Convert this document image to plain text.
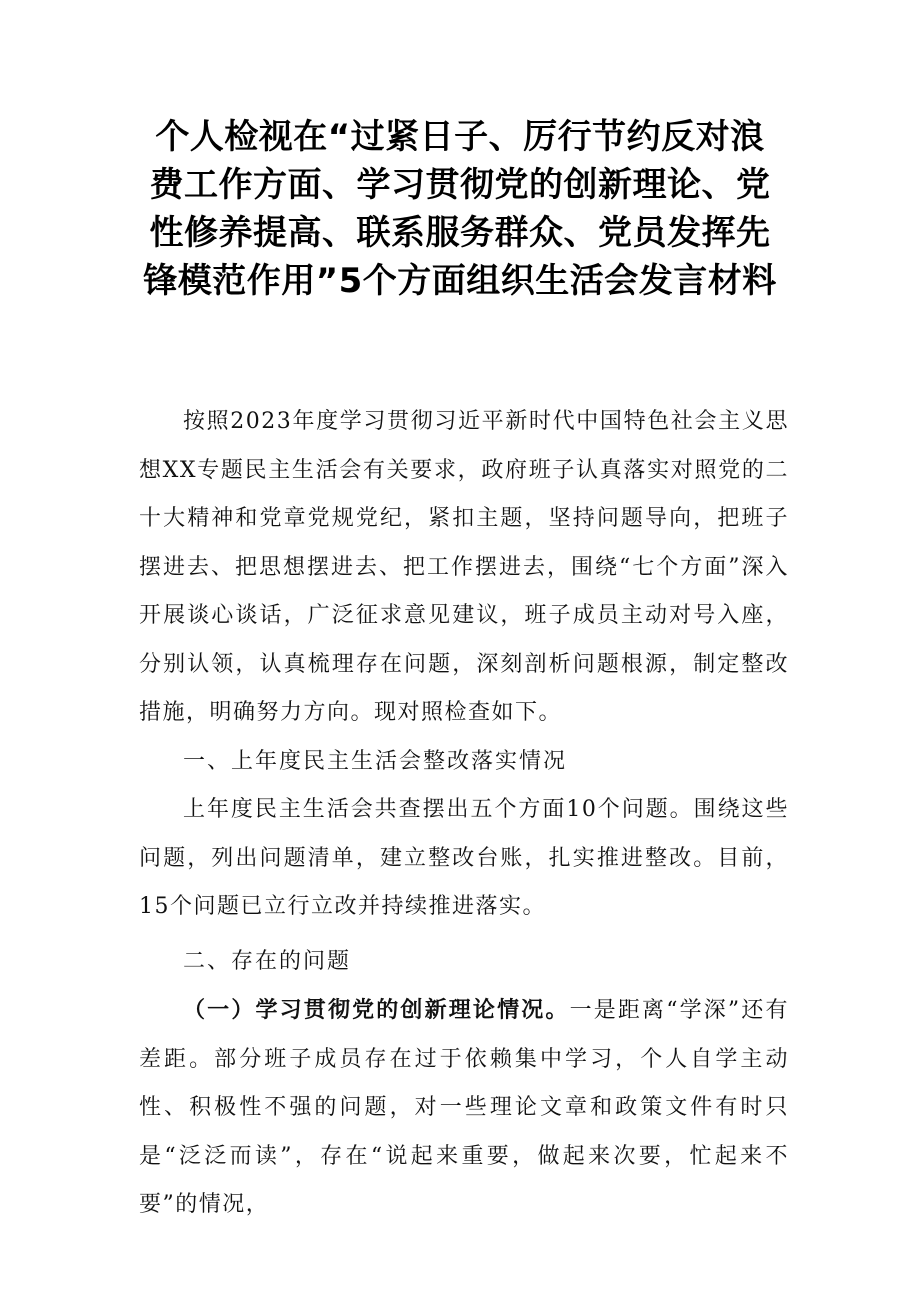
个人检视在“过紧日子、厉行节约反对浪费工作方面、学习贯彻党的创新理论、党性修养提高、联系服务群众、党员发挥先锋模范作用”5个方面组织生活会发言材料

按照2023年度学习贯彻习近平新时代中国特色社会主义思想XX专题民主生活会有关要求，政府班子认真落实对照党的二十大精神和党章党规党纪，紧扣主题，坚持问题导向，把班子摆进去、把思想摆进去、把工作摆进去，围绕“七个方面”深入开展谈心谈话，广泛征求意见建议，班子成员主动对号入座，分别认领，认真梳理存在问题，深刻剖析问题根源，制定整改措施，明确努力方向。现对照检查如下。

一、上年度民主生活会整改落实情况

上年度民主生活会共查摆出五个方面10个问题。围绕这些问题，列出问题清单，建立整改台账，扎实推进整改。目前，15个问题已立行立改并持续推进落实。

二、存在的问题

（一）学习贯彻党的创新理论情况。一是距离“学深”还有差距。部分班子成员存在过于依赖集中学习，个人自学主动性、积极性不强的问题，对一些理论文章和政策文件有时只是“泛泛而读”，存在“说起来重要，做起来次要，忙起来不要”的情况，
